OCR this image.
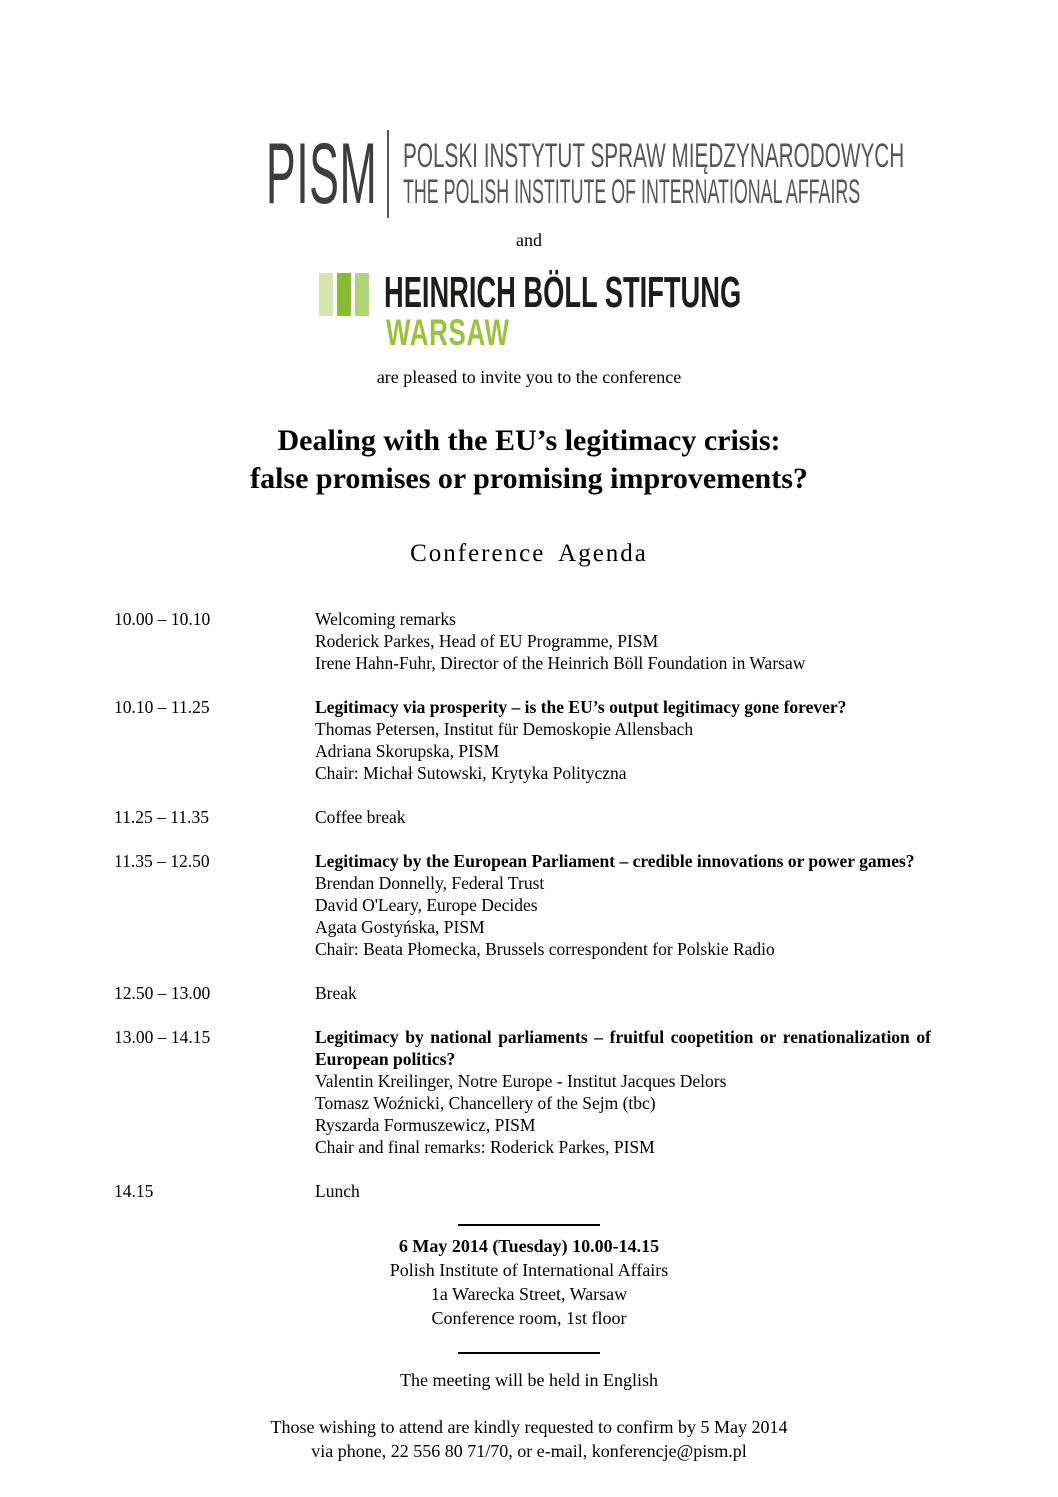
PISM POLSKI INSTYTUT SPRAW MIĘDZYNARODOWYCH
THE POLISH INSTITUTE OF INTERNATIONAL AFFAIRS
and
HEINRICH BÖLL STIFTUNG
WARSAW
are pleased to invite you to the conference
Dealing with the EU’s legitimacy crisis:
false promises or promising improvements?
Conference Agenda
10.00 – 10.10	Welcoming remarks
Roderick Parkes, Head of EU Programme, PISM
Irene Hahn-Fuhr, Director of the Heinrich Böll Foundation in Warsaw
10.10 – 11.25	Legitimacy via prosperity – is the EU’s output legitimacy gone forever?
Thomas Petersen, Institut für Demoskopie Allensbach
Adriana Skorupska, PISM
Chair: Michał Sutowski, Krytyka Polityczna
11.25 – 11.35	Coffee break
11.35 – 12.50	Legitimacy by the European Parliament – credible innovations or power games?
Brendan Donnelly, Federal Trust
David O'Leary, Europe Decides
Agata Gostyńska, PISM
Chair: Beata Płomecka, Brussels correspondent for Polskie Radio
12.50 – 13.00	Break
13.00 – 14.15	Legitimacy by national parliaments – fruitful coopetition or renationalization of European politics?
Valentin Kreilinger, Notre Europe - Institut Jacques Delors
Tomasz Woźnicki, Chancellery of the Sejm (tbc)
Ryszarda Formuszewicz, PISM
Chair and final remarks: Roderick Parkes, PISM
14.15	Lunch
6 May 2014 (Tuesday) 10.00-14.15
Polish Institute of International Affairs
1a Warecka Street, Warsaw
Conference room, 1st floor
The meeting will be held in English
Those wishing to attend are kindly requested to confirm by 5 May 2014
via phone, 22 556 80 71/70, or e-mail, konferencje@pism.pl
